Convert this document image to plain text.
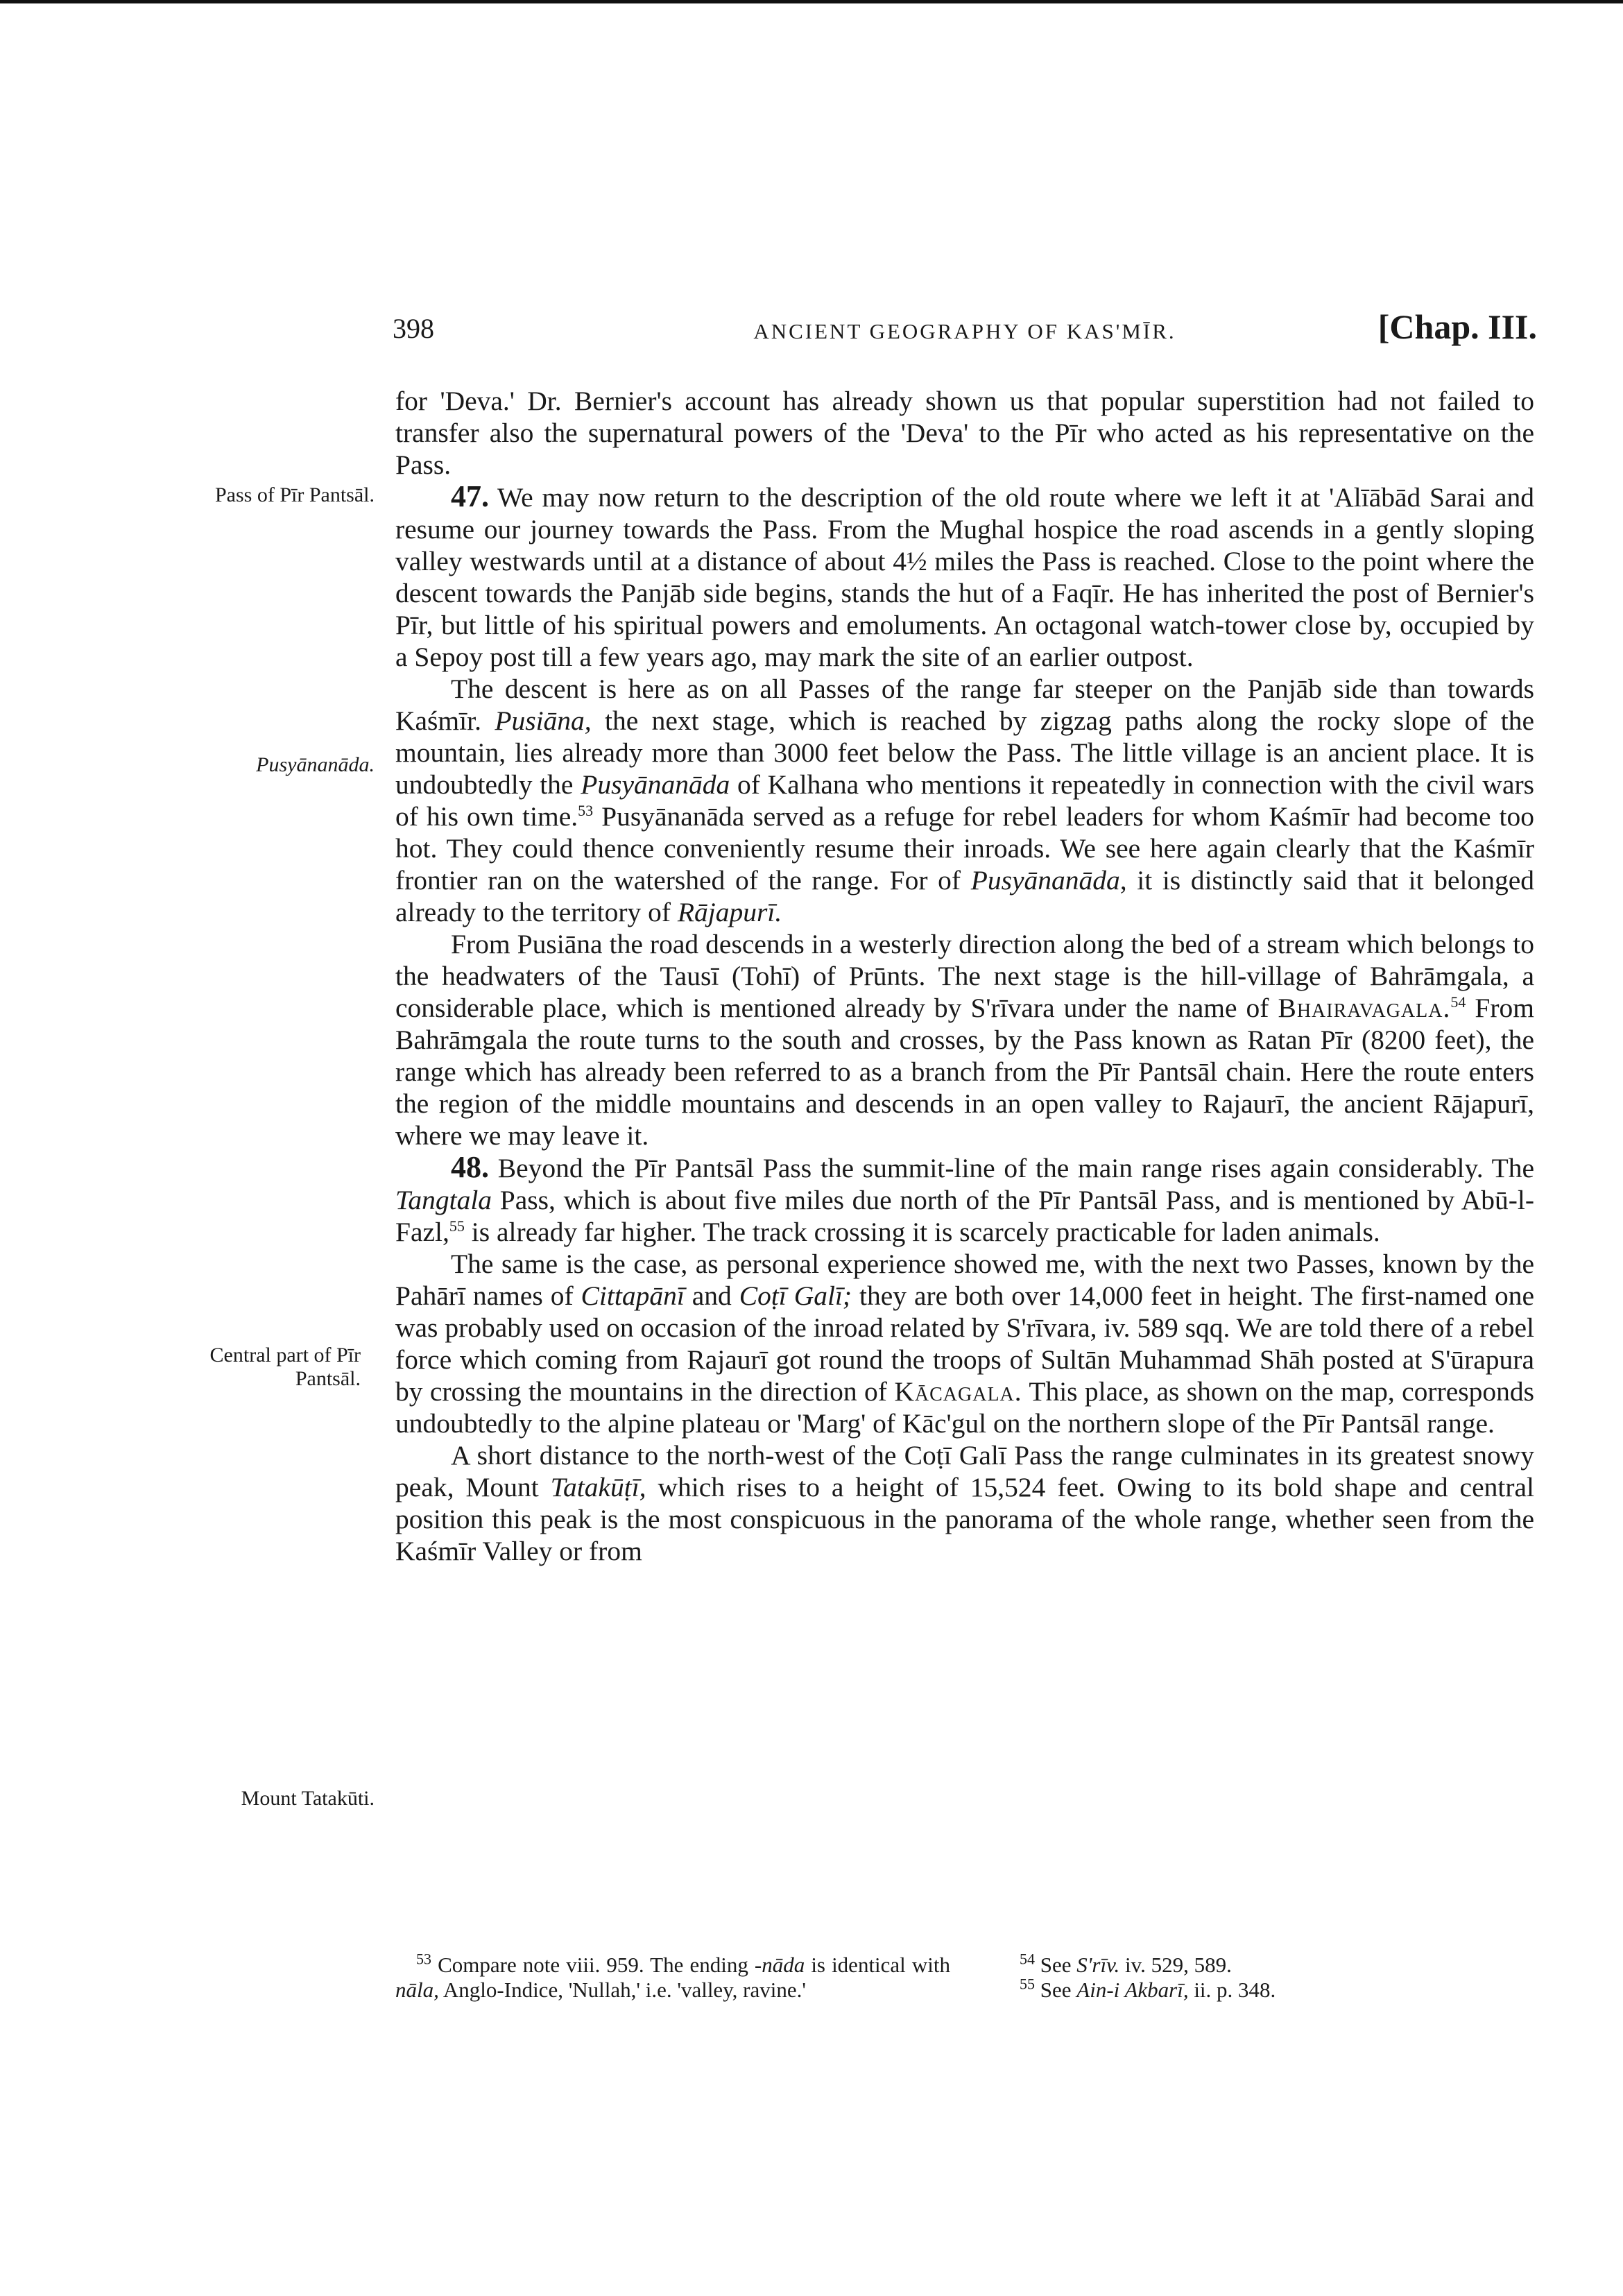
398	ANCIENT GEOGRAPHY OF KAS'MĪR.	[Chap. III.
Pass of Pīr Pantsāl.
Pusyānanāda.
Central part of Pīr
Pantsāl.
Mount Tatakūti.

for 'Deva.' Dr. Bernier's account has already shown us that popular superstition had not failed to transfer also the supernatural powers of the 'Deva' to the Pīr who acted as his representative on the Pass.

47. We may now return to the description of the old route where we left it at 'Alīābād Sarai and resume our journey towards the Pass. From the Mughal hospice the road ascends in a gently sloping valley westwards until at a distance of about 4½ miles the Pass is reached. Close to the point where the descent towards the Panjāb side begins, stands the hut of a Faqīr. He has inherited the post of Bernier's Pīr, but little of his spiritual powers and emoluments. An octagonal watch-tower close by, occupied by a Sepoy post till a few years ago, may mark the site of an earlier outpost.

The descent is here as on all Passes of the range far steeper on the Panjāb side than towards Kaśmīr. Pusiāna, the next stage, which is reached by zigzag paths along the rocky slope of the mountain, lies already more than 3000 feet below the Pass. The little village is an ancient place. It is undoubtedly the Pusyānanāda of Kalhana who mentions it repeatedly in connection with the civil wars of his own time.$^{53}$ Pusyānanāda served as a refuge for rebel leaders for whom Kaśmīr had become too hot. They could thence conveniently resume their inroads. We see here again clearly that the Kaśmīr frontier ran on the watershed of the range. For of Pusyānanāda, it is distinctly said that it belonged already to the territory of Rājapurī.

From Pusiāna the road descends in a westerly direction along the bed of a stream which belongs to the headwaters of the Tausī (Tohī) of Prūnts. The next stage is the hill-village of Bahrāmgala, a considerable place, which is mentioned already by S'rīvara under the name of Bhairavagala.$^{54}$ From Bahrāmgala the route turns to the south and crosses, by the Pass known as Ratan Pīr (8200 feet), the range which has already been referred to as a branch from the Pīr Pantsāl chain. Here the route enters the region of the middle mountains and descends in an open valley to Rajaurī, the ancient Rājapurī, where we may leave it.

48. Beyond the Pīr Pantsāl Pass the summit-line of the main range rises again considerably. The Tangtala Pass, which is about five miles due north of the Pīr Pantsāl Pass, and is mentioned by Abū-l-Fazl,$^{55}$ is already far higher. The track crossing it is scarcely practicable for laden animals.

The same is the case, as personal experience showed me, with the next two Passes, known by the Pahārī names of Cittapānī and Coṭī Galī; they are both over 14,000 feet in height. The first-named one was probably used on occasion of the inroad related by S'rīvara, iv. 589 sqq. We are told there of a rebel force which coming from Rajaurī got round the troops of Sultān Muhammad Shāh posted at S'ūrapura by crossing the mountains in the direction of Kācagala. This place, as shown on the map, corresponds undoubtedly to the alpine plateau or 'Marg' of Kāc'gul on the northern slope of the Pīr Pantsāl range.

A short distance to the north-west of the Coṭī Galī Pass the range culminates in its greatest snowy peak, Mount Tatakūṭī, which rises to a height of 15,524 feet. Owing to its bold shape and central position this peak is the most conspicuous in the panorama of the whole range, whether seen from the Kaśmīr Valley or from

$^{53}$ Compare note viii. 959. The ending -nāda is identical with nāla, Anglo-Indice, 'Nullah,' i.e. 'valley, ravine.'

$^{54}$ See S'rīv. iv. 529, 589.

$^{55}$ See Ain-i Akbarī, ii. p. 348.
